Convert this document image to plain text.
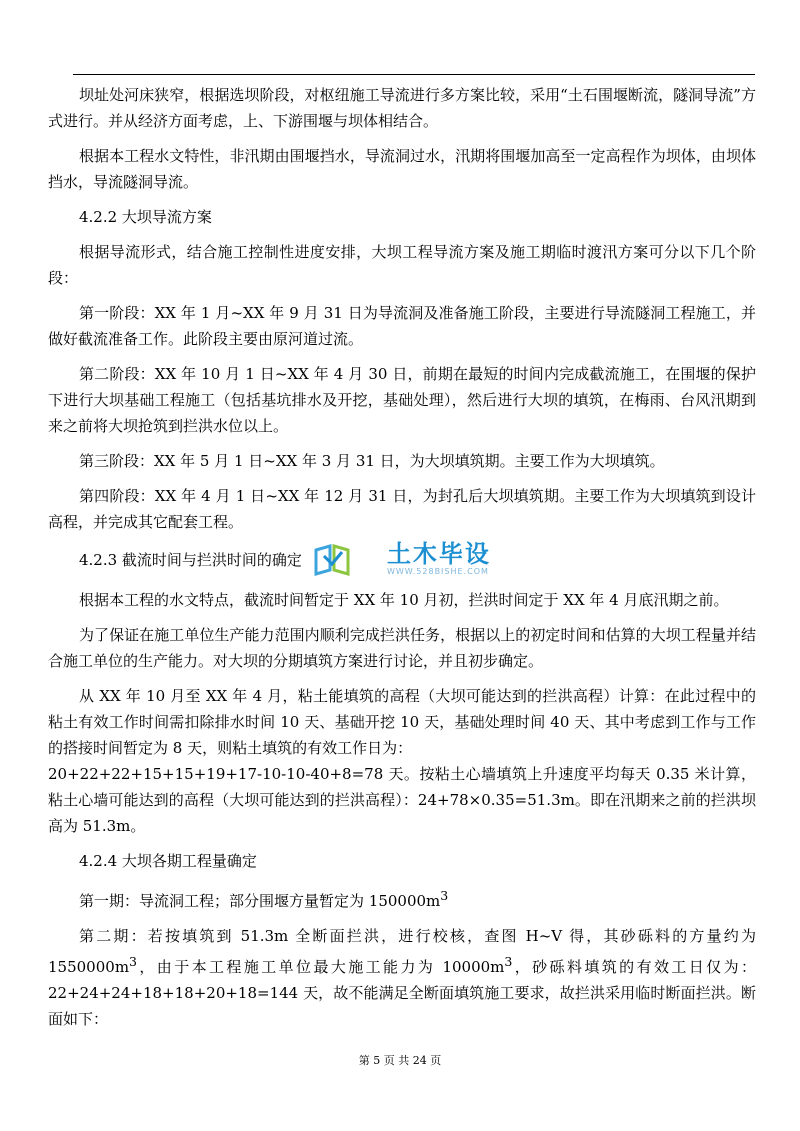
坝址处河床狭窄，根据选坝阶段，对枢纽施工导流进行多方案比较，采用“土石围堰断流，隧洞导流”方式进行。并从经济方面考虑，上、下游围堰与坝体相结合。

根据本工程水文特性，非汛期由围堰挡水，导流洞过水，汛期将围堰加高至一定高程作为坝体，由坝体挡水，导流隧洞导流。

4.2.2 大坝导流方案

根据导流形式，结合施工控制性进度安排，大坝工程导流方案及施工期临时渡汛方案可分以下几个阶段：

第一阶段：XX 年 1 月~XX 年 9 月 31 日为导流洞及准备施工阶段，主要进行导流隧洞工程施工，并做好截流准备工作。此阶段主要由原河道过流。

第二阶段：XX 年 10 月 1 日~XX 年 4 月 30 日，前期在最短的时间内完成截流施工，在围堰的保护下进行大坝基础工程施工（包括基坑排水及开挖，基础处理），然后进行大坝的填筑，在梅雨、台风汛期到来之前将大坝抢筑到拦洪水位以上。

第三阶段：XX 年 5 月 1 日~XX 年 3 月 31 日，为大坝填筑期。主要工作为大坝填筑。

第四阶段：XX 年 4 月 1 日~XX 年 12 月 31 日，为封孔后大坝填筑期。主要工作为大坝填筑到设计高程，并完成其它配套工程。

4.2.3 截流时间与拦洪时间的确定	土木毕设
WWW.528BISHE.COM

根据本工程的水文特点，截流时间暂定于 XX 年 10 月初，拦洪时间定于 XX 年 4 月底汛期之前。

为了保证在施工单位生产能力范围内顺利完成拦洪任务，根据以上的初定时间和估算的大坝工程量并结合施工单位的生产能力。对大坝的分期填筑方案进行讨论，并且初步确定。

从 XX 年 10 月至 XX 年 4 月，粘土能填筑的高程（大坝可能达到的拦洪高程）计算：在此过程中的粘土有效工作时间需扣除排水时间 10 天、基础开挖 10 天，基础处理时间 40 天、其中考虑到工作与工作的搭接时间暂定为 8 天，则粘土填筑的有效工作日为：

20+22+22+15+15+19+17-10-10-40+8=78 天。按粘土心墙填筑上升速度平均每天 0.35 米计算，粘土心墙可能达到的高程（大坝可能达到的拦洪高程）：24+78×0.35=51.3m。即在汛期来之前的拦洪坝高为 51.3m。

4.2.4 大坝各期工程量确定

第一期：导流洞工程；部分围堰方量暂定为 $150000m^3$

第二期：若按填筑到 51.3m 全断面拦洪，进行校核，查图 H~V 得，其砂砾料的方量约为 $1550000m^3$，由于本工程施工单位最大施工能力为 $10000m^3$，砂砾料填筑的有效工日仅为：22+24+24+18+18+20+18=144 天，故不能满足全断面填筑施工要求，故拦洪采用临时断面拦洪。断面如下：

第 5 页 共 24 页
